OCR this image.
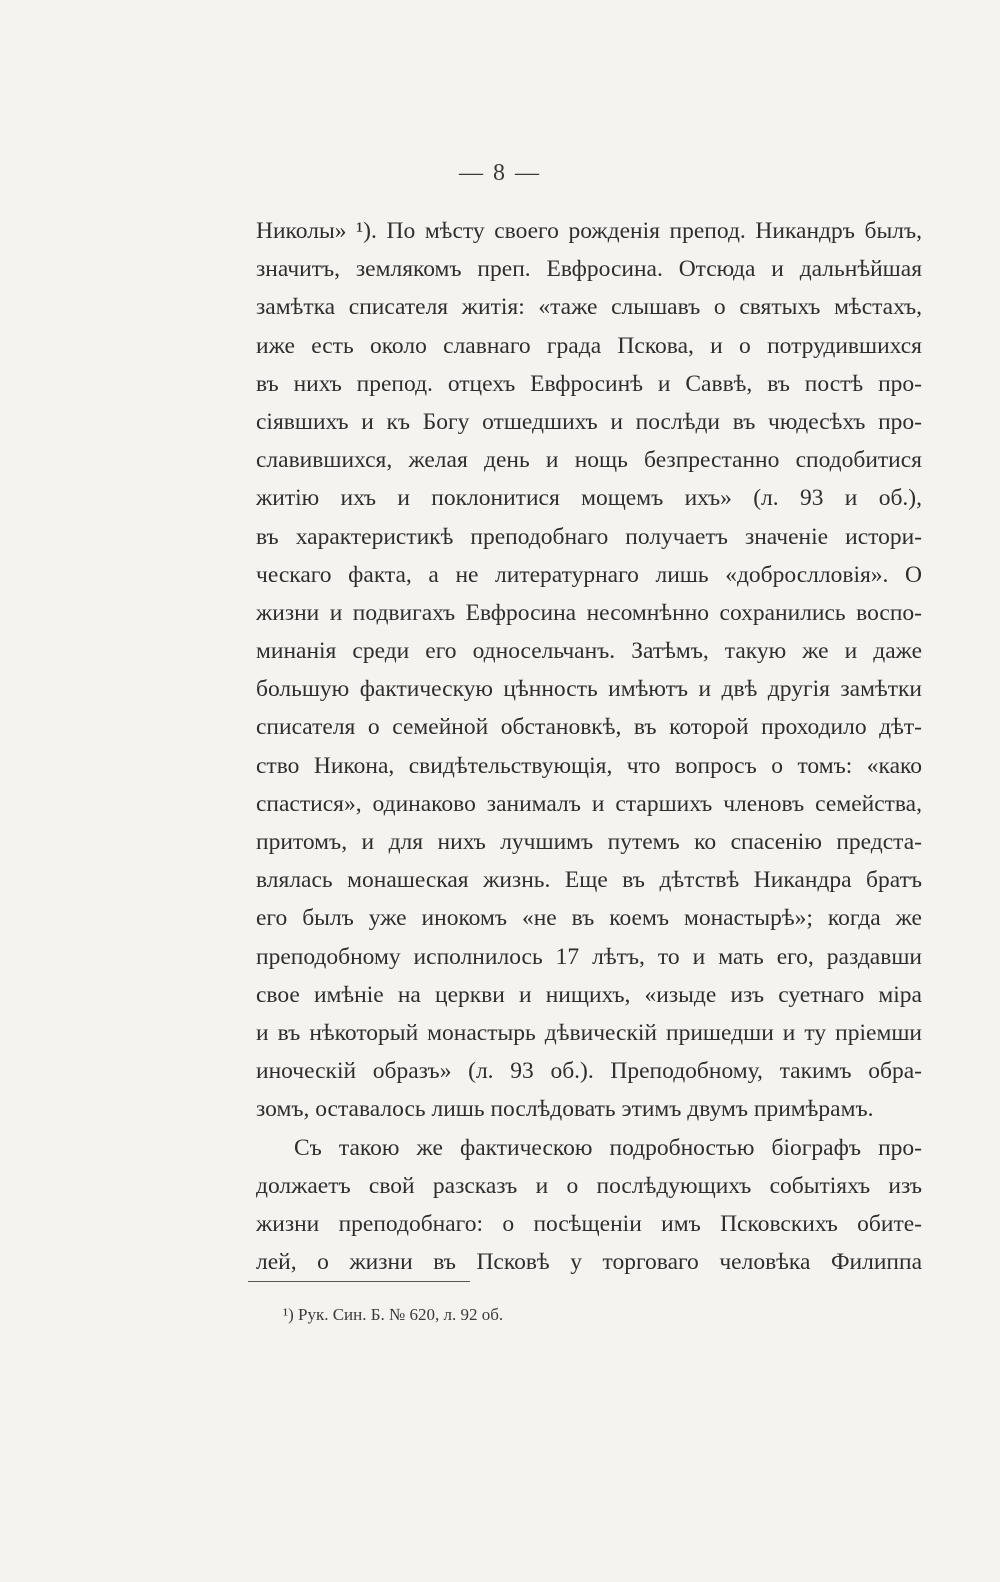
— 8 —
Николы» ¹). По мѣсту своего рожденія препод. Никандръ былъ,
значитъ, землякомъ преп. Евфросина. Отсюда и дальнѣйшая
замѣтка списателя житія: «таже слышавъ о святыхъ мѣстахъ,
иже есть около славнаго града Пскова, и о потрудившихся
въ нихъ препод. отцехъ Евфросинѣ и Саввѣ, въ постѣ про-
сіявшихъ и къ Богу отшедшихъ и послѣди въ чюдесѣхъ про-
славившихся, желая день и нощь безпрестанно сподобитися
житію ихъ и поклонитися мощемъ ихъ» (л. 93 и об.),
въ характеристикѣ преподобнаго получаетъ значеніе истори-
ческаго факта, а не литературнаго лишь «доброслловія». О
жизни и подвигахъ Евфросина несомнѣнно сохранились воспо-
минанія среди его односельчанъ. Затѣмъ, такую же и даже
большую фактическую цѣнность имѣютъ и двѣ другія замѣтки
списателя о семейной обстановкѣ, въ которой проходило дѣт-
ство Никона, свидѣтельствующія, что вопросъ о томъ: «како
спастися», одинаково занималъ и старшихъ членовъ семейства,
притомъ, и для нихъ лучшимъ путемъ ко спасенію предста-
влялась монашеская жизнь. Еще въ дѣтствѣ Никандра братъ
его былъ уже инокомъ «не въ коемъ монастырѣ»; когда же
преподобному исполнилось 17 лѣтъ, то и мать его, раздавши
свое имѣніе на церкви и нищихъ, «изыде изъ суетнаго міра
и въ нѣкоторый монастырь дѣвическій пришедши и ту пріемши
иноческій образъ» (л. 93 об.). Преподобному, такимъ обра-
зомъ, оставалось лишь послѣдовать этимъ двумъ примѣрамъ.
Съ такою же фактическою подробностью біографъ про-
должаетъ свой разсказъ и о послѣдующихъ событіяхъ изъ
жизни преподобнаго: о посѣщеніи имъ Псковскихъ обите-
лей, о жизни въ Псковѣ у торговаго человѣка Филиппа
¹) Рук. Син. Б. № 620, л. 92 об.
